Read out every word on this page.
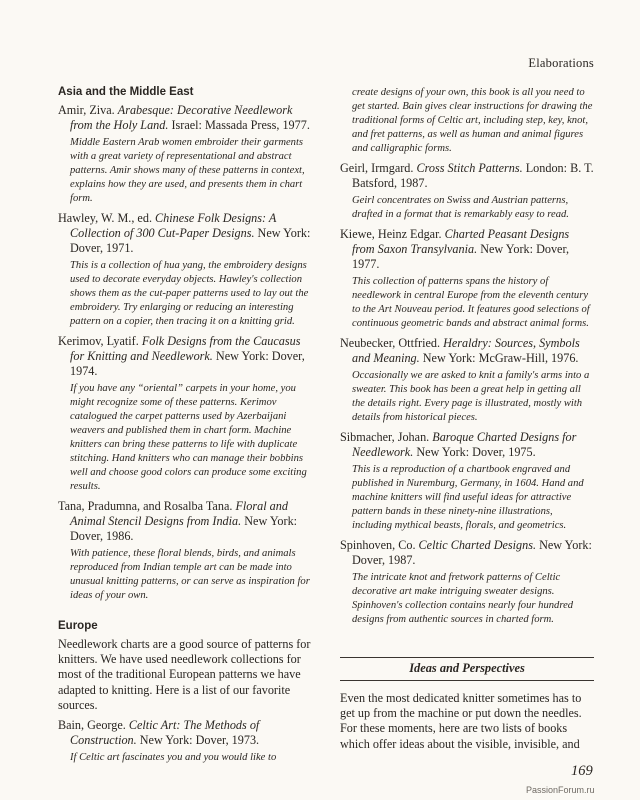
Elaborations
Asia and the Middle East

Amir, Ziva. Arabesque: Decorative Needlework from the Holy Land. Israel: Massada Press, 1977.

Middle Eastern Arab women embroider their garments with a great variety of representational and abstract patterns. Amir shows many of these patterns in context, explains how they are used, and presents them in chart form.

Hawley, W. M., ed. Chinese Folk Designs: A Collection of 300 Cut-Paper Designs. New York: Dover, 1971.

This is a collection of hua yang, the embroidery designs used to decorate everyday objects. Hawley's collection shows them as the cut-paper patterns used to lay out the embroidery. Try enlarging or reducing an interesting pattern on a copier, then tracing it on a knitting grid.

Kerimov, Lyatif. Folk Designs from the Caucasus for Knitting and Needlework. New York: Dover, 1974.

If you have any “oriental” carpets in your home, you might recognize some of these patterns. Kerimov catalogued the carpet patterns used by Azerbaijani weavers and published them in chart form. Machine knitters can bring these patterns to life with duplicate stitching. Hand knitters who can manage their bobbins well and choose good colors can produce some exciting results.

Tana, Pradumna, and Rosalba Tana. Floral and Animal Stencil Designs from India. New York: Dover, 1986.

With patience, these floral blends, birds, and animals reproduced from Indian temple art can be made into unusual knitting patterns, or can serve as inspiration for ideas of your own.

Europe

Needlework charts are a good source of patterns for knitters. We have used needlework collections for most of the traditional European patterns we have adapted to knitting. Here is a list of our favorite sources.

Bain, George. Celtic Art: The Methods of Construction. New York: Dover, 1973.

If Celtic art fascinates you and you would like to

create designs of your own, this book is all you need to get started. Bain gives clear instructions for drawing the traditional forms of Celtic art, including step, key, knot, and fret patterns, as well as human and animal figures and calligraphic forms.

Geirl, Irmgard. Cross Stitch Patterns. London: B. T. Batsford, 1987.

Geirl concentrates on Swiss and Austrian patterns, drafted in a format that is remarkably easy to read.

Kiewe, Heinz Edgar. Charted Peasant Designs from Saxon Transylvania. New York: Dover, 1977.

This collection of patterns spans the history of needlework in central Europe from the eleventh century to the Art Nouveau period. It features good selections of continuous geometric bands and abstract animal forms.

Neubecker, Ottfried. Heraldry: Sources, Symbols and Meaning. New York: McGraw-Hill, 1976.

Occasionally we are asked to knit a family's arms into a sweater. This book has been a great help in getting all the details right. Every page is illustrated, mostly with details from historical pieces.

Sibmacher, Johan. Baroque Charted Designs for Needlework. New York: Dover, 1975.

This is a reproduction of a chartbook engraved and published in Nuremburg, Germany, in 1604. Hand and machine knitters will find useful ideas for attractive pattern bands in these ninety-nine illustrations, including mythical beasts, florals, and geometrics.

Spinhoven, Co. Celtic Charted Designs. New York: Dover, 1987.

The intricate knot and fretwork patterns of Celtic decorative art make intriguing sweater designs. Spinhoven's collection contains nearly four hundred designs from authentic sources in charted form.

Ideas and Perspectives

Even the most dedicated knitter sometimes has to get up from the machine or put down the needles. For these moments, here are two lists of books which offer ideas about the visible, invisible, and

169
PassionForum.ru
